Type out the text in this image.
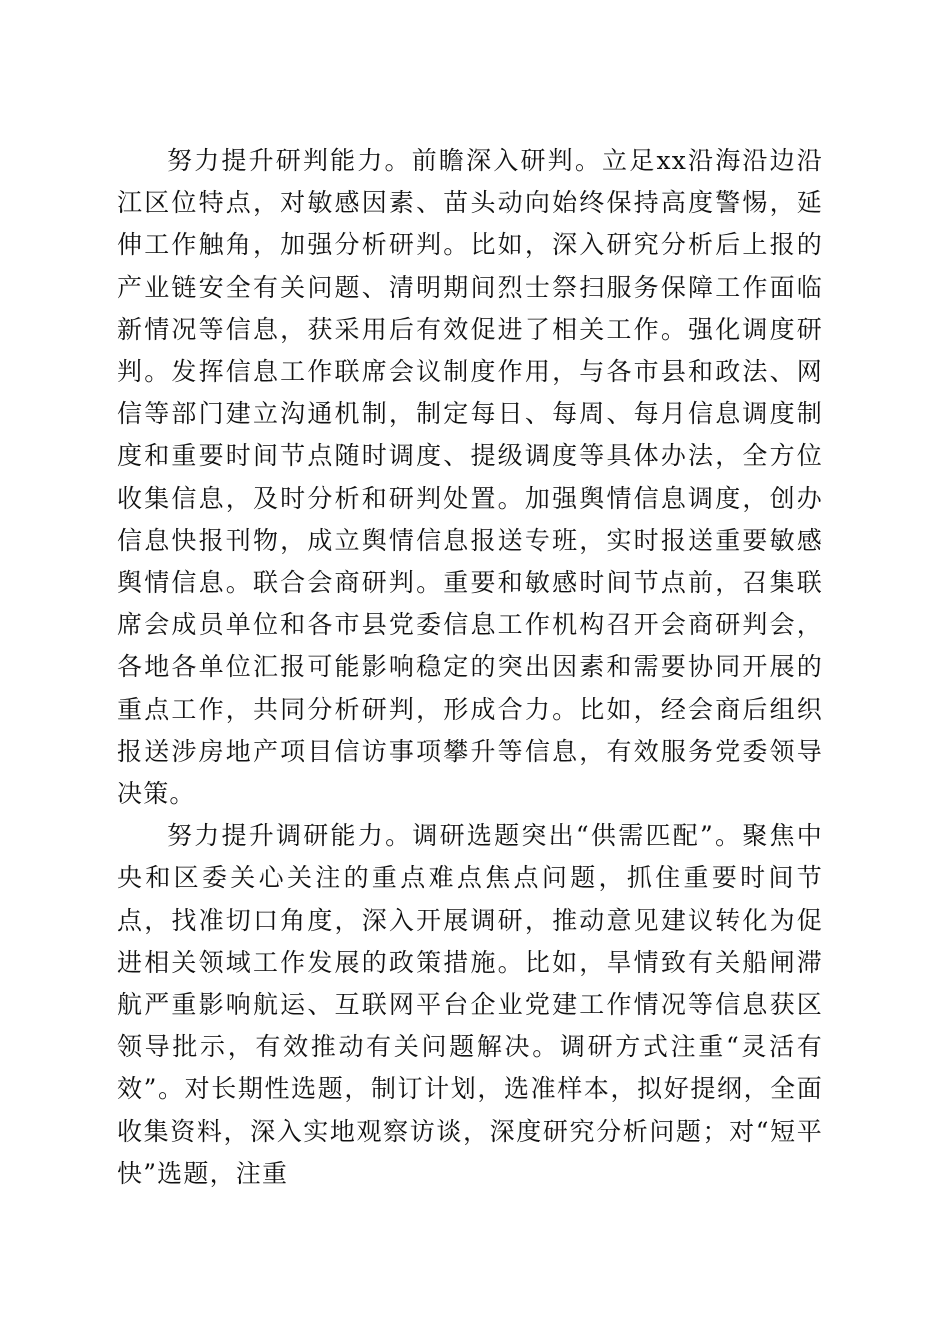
努力提升研判能力。前瞻深入研判。立足xx沿海沿边沿江区位特点，对敏感因素、苗头动向始终保持高度警惕，延伸工作触角，加强分析研判。比如，深入研究分析后上报的产业链安全有关问题、清明期间烈士祭扫服务保障工作面临新情况等信息，获采用后有效促进了相关工作。强化调度研判。发挥信息工作联席会议制度作用，与各市县和政法、网信等部门建立沟通机制，制定每日、每周、每月信息调度制度和重要时间节点随时调度、提级调度等具体办法，全方位收集信息，及时分析和研判处置。加强舆情信息调度，创办信息快报刊物，成立舆情信息报送专班，实时报送重要敏感舆情信息。联合会商研判。重要和敏感时间节点前，召集联席会成员单位和各市县党委信息工作机构召开会商研判会，各地各单位汇报可能影响稳定的突出因素和需要协同开展的重点工作，共同分析研判，形成合力。比如，经会商后组织报送涉房地产项目信访事项攀升等信息，有效服务党委领导决策。

努力提升调研能力。调研选题突出“供需匹配”。聚焦中央和区委关心关注的重点难点焦点问题，抓住重要时间节点，找准切口角度，深入开展调研，推动意见建议转化为促进相关领域工作发展的政策措施。比如，旱情致有关船闸滞航严重影响航运、互联网平台企业党建工作情况等信息获区领导批示，有效推动有关问题解决。调研方式注重“灵活有效”。对长期性选题，制订计划，选准样本，拟好提纲，全面收集资料，深入实地观察访谈，深度研究分析问题；对“短平快”选题，注重
